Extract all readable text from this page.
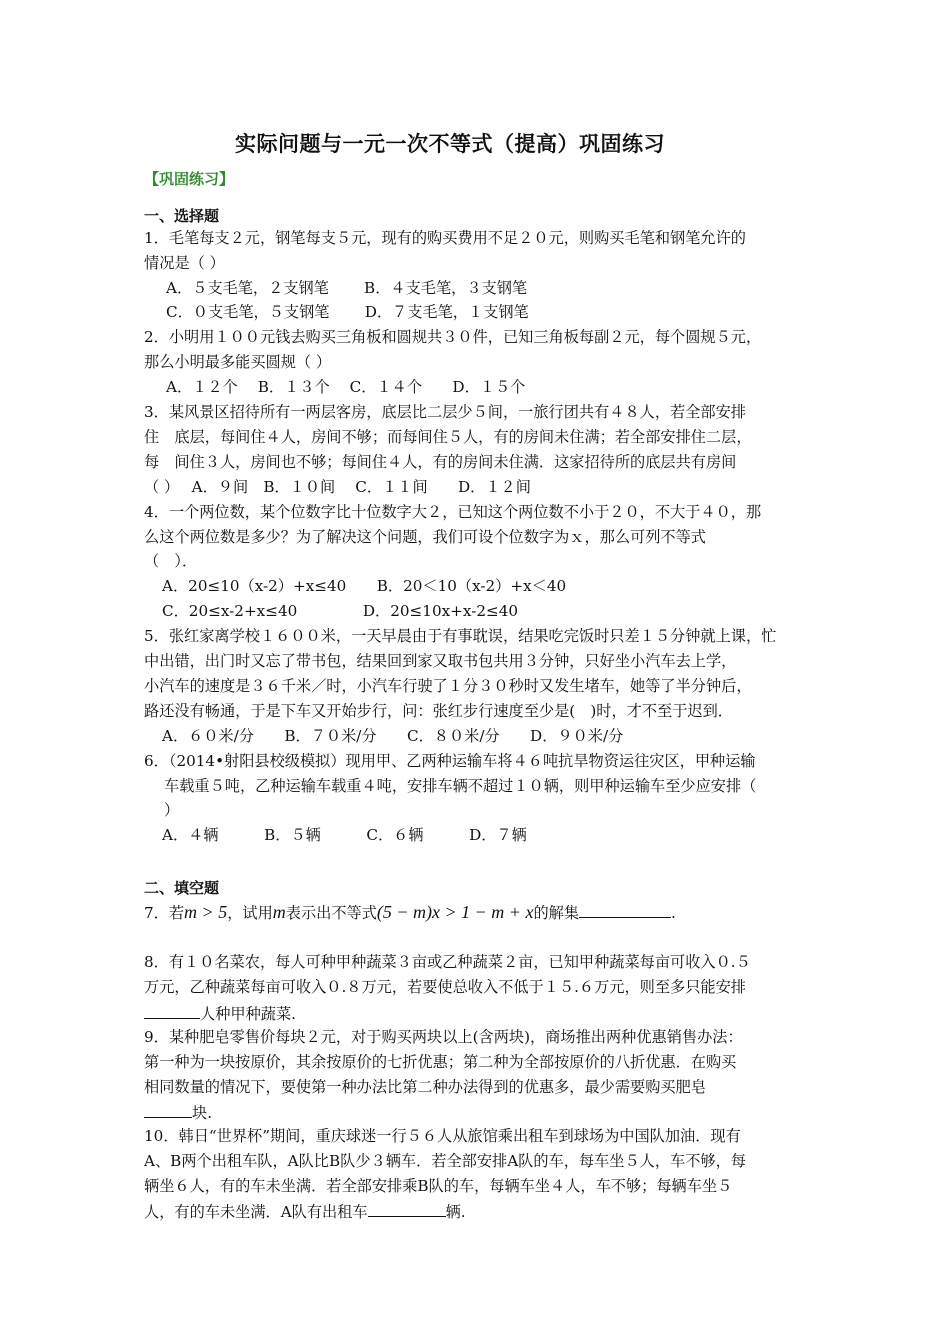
实际问题与一元一次不等式（提高）巩固练习
【巩固练习】
一、选择题
1．毛笔每支２元，钢笔每支５元，现有的购买费用不足２０元，则购买毛笔和钢笔允许的
情况是（ ）
A．５支毛笔，２支钢笔　　 B．４支毛笔，３支钢笔
C．０支毛笔，５支钢笔　　 D．７支毛笔，１支钢笔
2．小明用１００元钱去购买三角板和圆规共３０件，已知三角板每副２元，每个圆规５元，
那么小明最多能买圆规（ ）
A．１２个　 B．１３个　 C．１４个　　D．１５个
3．某风景区招待所有一两层客房，底层比二层少５间，一旅行团共有４８人，若全部安排
住　底层，每间住４人，房间不够；而每间住５人，有的房间未住满；若全部安排住二层，
每　间住３人，房间也不够；每间住４人，有的房间未住满．这家招待所的底层共有房间
（ ）　 A．９间　B．１０间　 C．１１间　　D．１２间
4．一个两位数，某个位数字比十位数字大２，已知这个两位数不小于２０，不大于４０，那
么这个两位数是多少？为了解决这个问题，我们可设个位数字为ｘ，那么可列不等式
（　）．
A．20≤10（x-2）+x≤40　　B．20＜10（x-2）+x＜40
C．20≤x-2+x≤40　　　　 D．20≤10x+x-2≤40
5．张红家离学校１６００米，一天早晨由于有事耽误，结果吃完饭时只差１５分钟就上课，忙
中出错，出门时又忘了带书包，结果回到家又取书包共用３分钟，只好坐小汽车去上学，
小汽车的速度是３６千米／时，小汽车行驶了１分３０秒时又发生堵车，她等了半分钟后，
路还没有畅通，于是下车又开始步行，问：张红步行速度至少是(　)时，才不至于迟到．
A．６０米/分　　B．７０米/分　　C．８０米/分　　D．９０米/分
6．（2014•射阳县校级模拟）现用甲、乙两种运输车将４６吨抗旱物资运往灾区，甲种运输
车载重５吨，乙种运输车载重４吨，安排车辆不超过１０辆，则甲种运输车至少应安排（
）
A．４辆　　　B．５辆　　　C．６辆　　　D．７辆
二、填空题
7．若m > 5，试用m表示出不等式(5 − m)x > 1 − m + x的解集	.
8．有１０名菜农，每人可种甲种蔬菜３亩或乙种蔬菜２亩，已知甲种蔬菜每亩可收入０.５
万元，乙种蔬菜每亩可收入０.８万元，若要使总收入不低于１５.６万元，则至多只能安排
人种甲种蔬菜.
9．某种肥皂零售价每块２元，对于购买两块以上(含两块)，商场推出两种优惠销售办法：
第一种为一块按原价，其余按原价的七折优惠；第二种为全部按原价的八折优惠．在购买
相同数量的情况下，要使第一种办法比第二种办法得到的优惠多，最少需要购买肥皂
块.
10．韩日“世界杯”期间，重庆球迷一行５６人从旅馆乘出租车到球场为中国队加油．现有
A、B两个出租车队，A队比B队少３辆车．若全部安排A队的车，每车坐５人，车不够，每
辆坐６人，有的车未坐满．若全部安排乘B队的车，每辆车坐４人，车不够；每辆车坐５
人，有的车未坐满．A队有出租车	辆.
